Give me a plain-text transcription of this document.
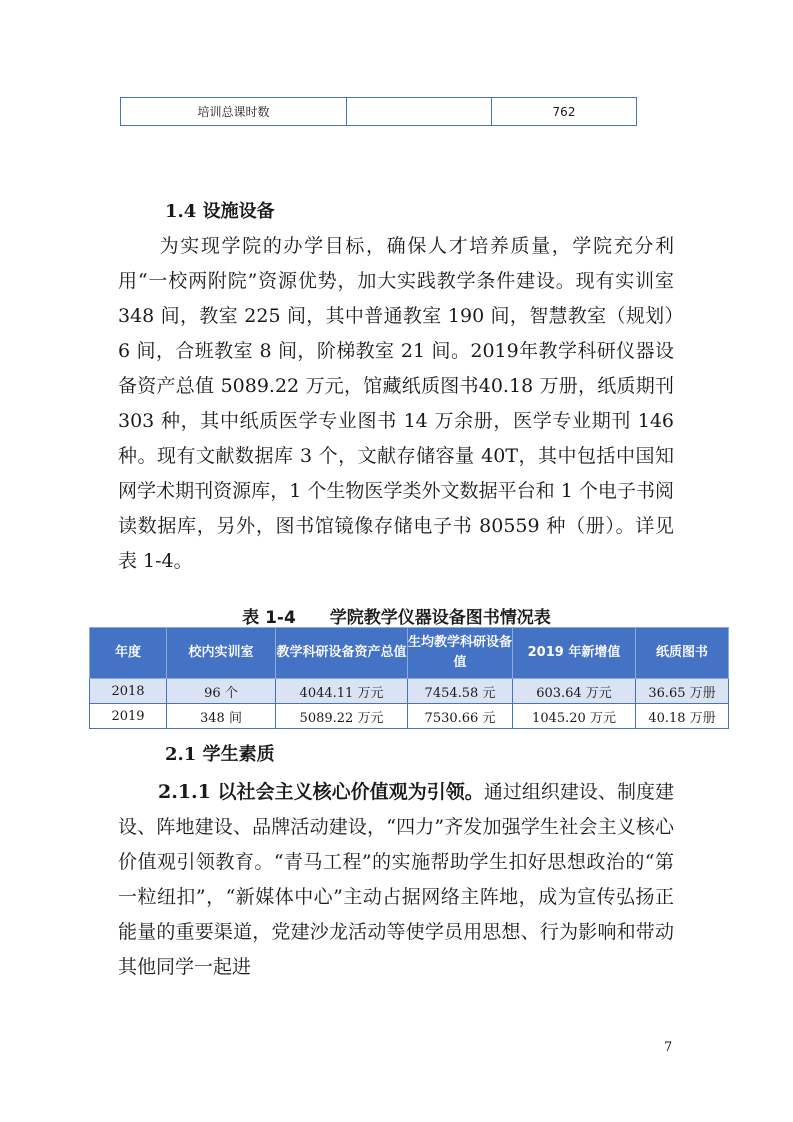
培训总课时数		762
1.4 设施设备

为实现学院的办学目标，确保人才培养质量，学院充分利用“一校两附院”资源优势，加大实践教学条件建设。现有实训室 348 间，教室 225 间，其中普通教室 190 间，智慧教室（规划）6 间，合班教室 8 间，阶梯教室 21 间。2019年教学科研仪器设备资产总值 5089.22 万元，馆藏纸质图书40.18 万册，纸质期刊 303 种，其中纸质医学专业图书 14 万余册，医学专业期刊 146 种。现有文献数据库 3 个，文献存储容量 40T，其中包括中国知网学术期刊资源库，1 个生物医学类外文数据平台和 1 个电子书阅读数据库，另外，图书馆镜像存储电子书 80559 种（册）。详见表 1-4。

表 1-4　　学院教学仪器设备图书情况表
年度	校内实训室	教学科研设备资产总值	生均教学科研设备值	2019 年新增值	纸质图书
2018	96 个	4044.11 万元	7454.58 元	603.64 万元	36.65 万册
2019	348 间	5089.22 万元	7530.66 元	1045.20 万元	40.18 万册
2.1 学生素质

2.1.1 以社会主义核心价值观为引领。通过组织建设、制度建设、阵地建设、品牌活动建设，“四力”齐发加强学生社会主义核心价值观引领教育。“青马工程”的实施帮助学生扣好思想政治的“第一粒纽扣”，“新媒体中心”主动占据网络主阵地，成为宣传弘扬正能量的重要渠道，党建沙龙活动等使学员用思想、行为影响和带动其他同学一起进

7
